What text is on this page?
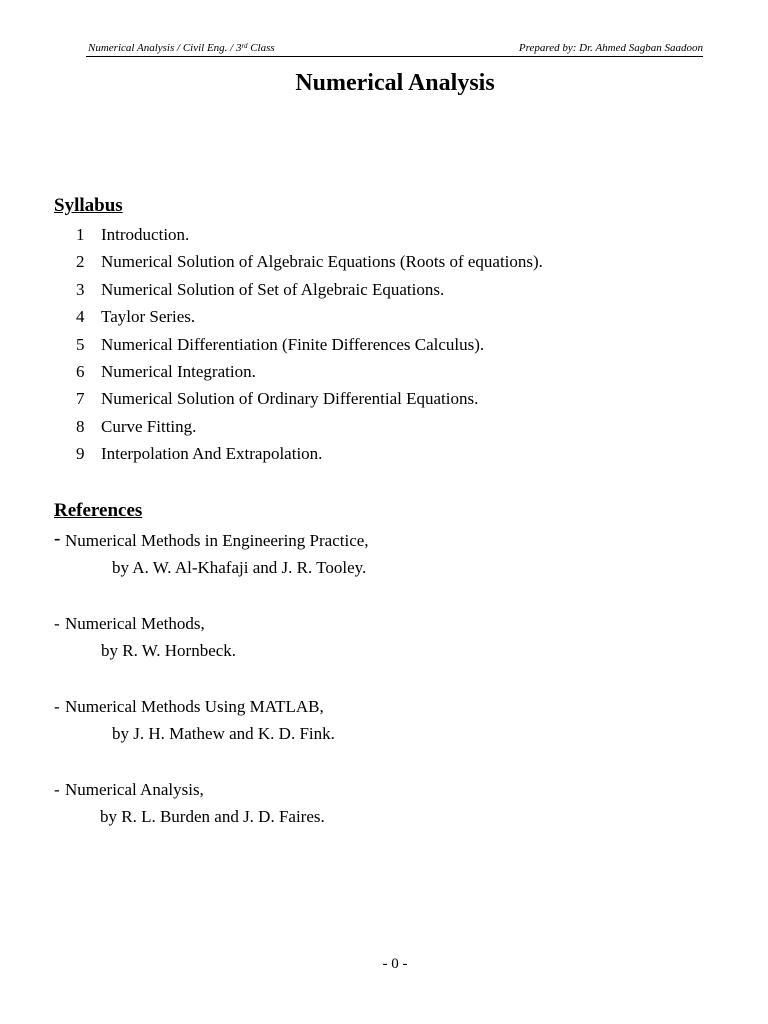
Numerical Analysis / Civil Eng. / 3rd Class	Prepared by: Dr. Ahmed Sagban Saadoon
Numerical Analysis
Syllabus
1 Introduction.
2 Numerical Solution of Algebraic Equations (Roots of equations).
3 Numerical Solution of Set of Algebraic Equations.
4 Taylor Series.
5 Numerical Differentiation (Finite Differences Calculus).
6 Numerical Integration.
7 Numerical Solution of Ordinary Differential Equations.
8 Curve Fitting.
9 Interpolation And Extrapolation.
References
- Numerical Methods in Engineering Practice,
by A. W. Al-Khafaji and J. R. Tooley.
- Numerical Methods,
by R. W. Hornbeck.
- Numerical Methods Using MATLAB,
by J. H. Mathew and K. D. Fink.
- Numerical Analysis,
by R. L. Burden and J. D. Faires.
- 0 -
